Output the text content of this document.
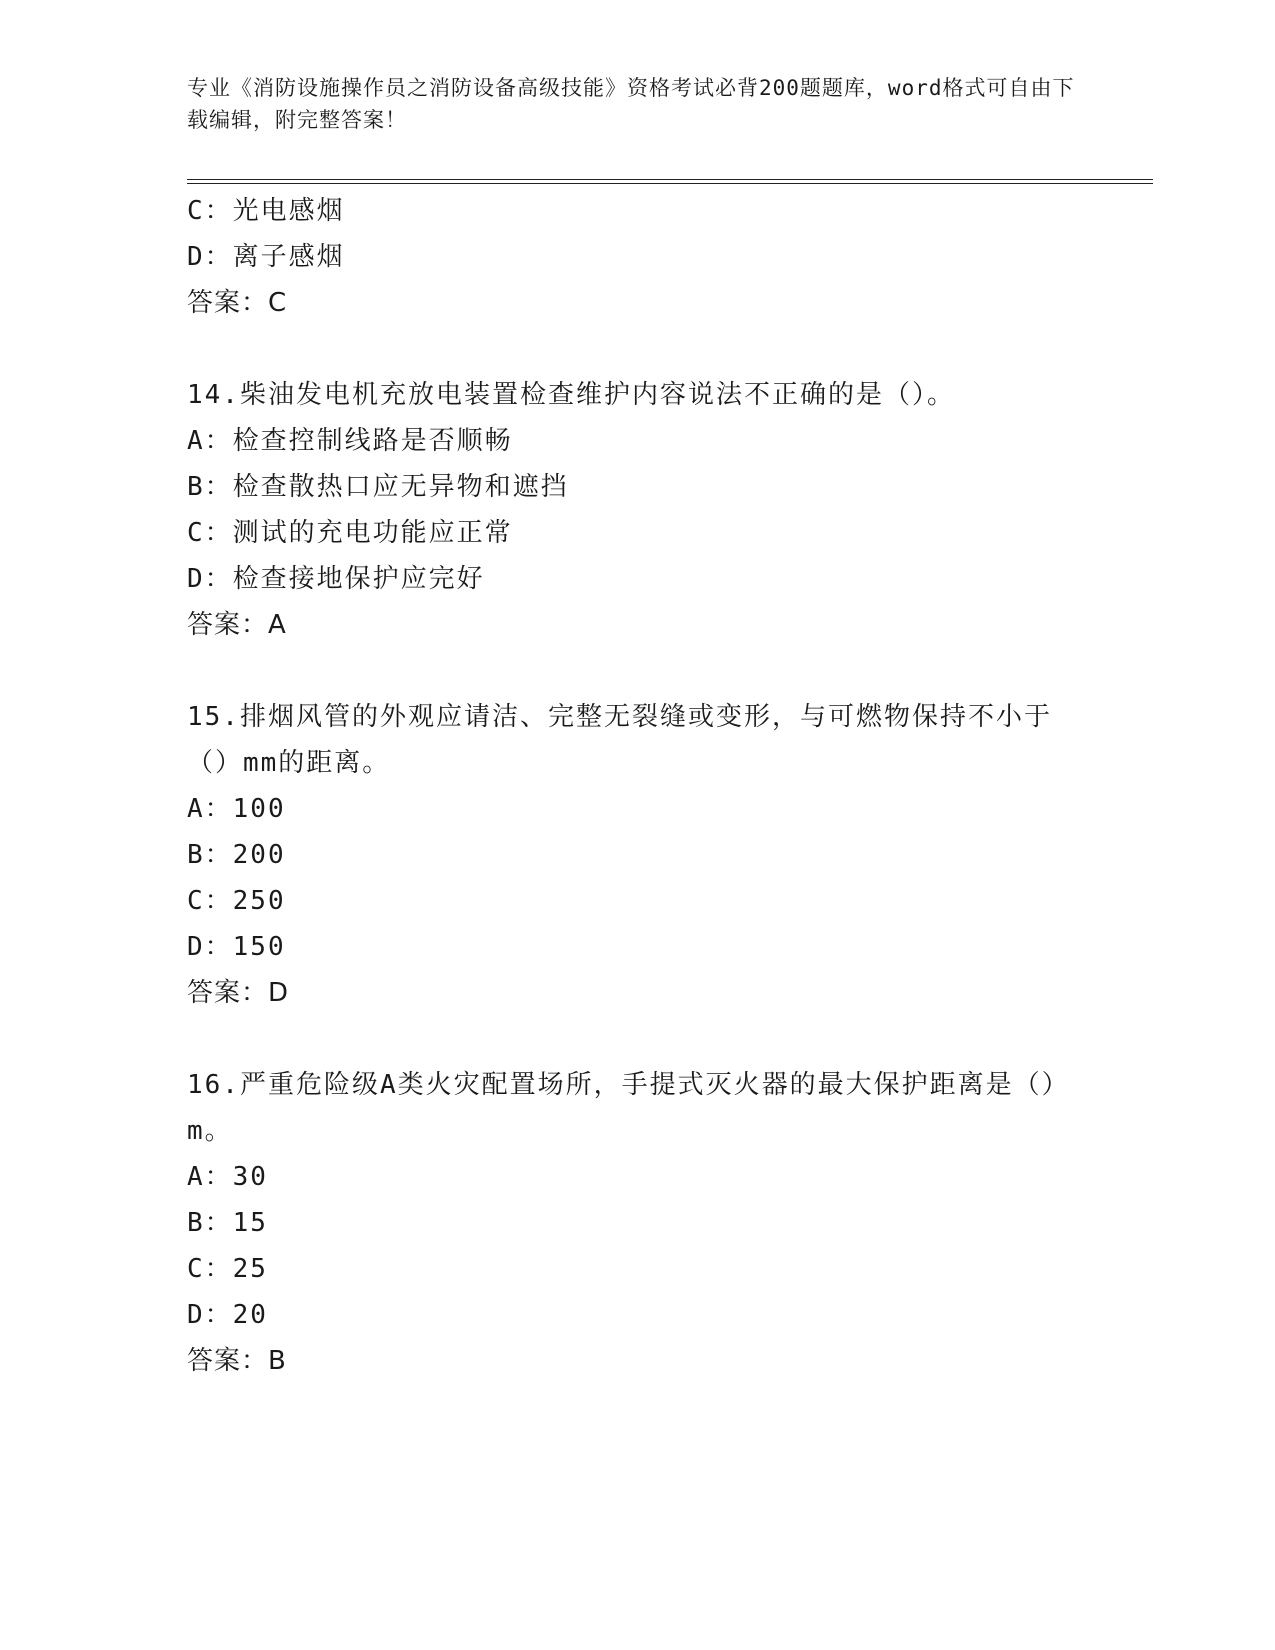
专业《消防设施操作员之消防设备高级技能》资格考试必背200题题库，word格式可自由下载编辑，附完整答案！
C：光电感烟
D：离子感烟
答案：C
14.柴油发电机充放电装置检查维护内容说法不正确的是（）。
A：检查控制线路是否顺畅
B：检查散热口应无异物和遮挡
C：测试的充电功能应正常
D：检查接地保护应完好
答案：A
15.排烟风管的外观应请洁、完整无裂缝或变形，与可燃物保持不小于（）mm的距离。
A：100
B：200
C：250
D：150
答案：D
16.严重危险级A类火灾配置场所，手提式灭火器的最大保护距离是（）m。
A：30
B：15
C：25
D：20
答案：B
